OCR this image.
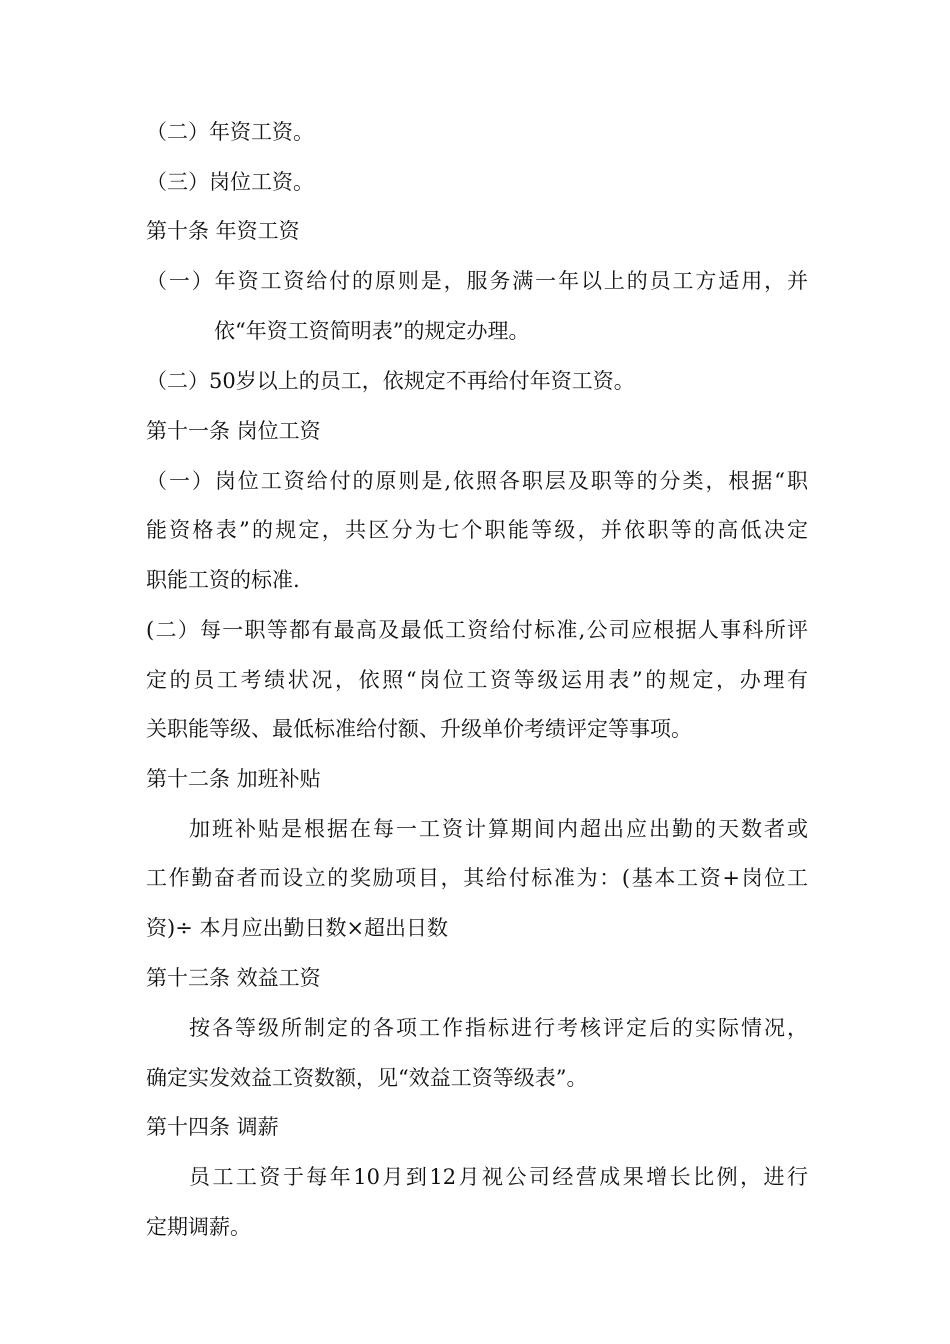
（二）年资工资。
（三）岗位工资。
第十条 年资工资
（一）年资工资给付的原则是，服务满一年以上的员工方适用，并
依“年资工资简明表”的规定办理。
（二）50岁以上的员工，依规定不再给付年资工资。
第十一条 岗位工资
（一）岗位工资给付的原则是,依照各职层及职等的分类，根据“职
能资格表”的规定，共区分为七个职能等级，并依职等的高低决定
职能工资的标准.
(二）每一职等都有最高及最低工资给付标准,公司应根据人事科所评
定的员工考绩状况，依照“岗位工资等级运用表”的规定，办理有
关职能等级、最低标准给付额、升级单价考绩评定等事项。
第十二条 加班补贴
加班补贴是根据在每一工资计算期间内超出应出勤的天数者或
工作勤奋者而设立的奖励项目，其给付标准为：(基本工资+岗位工
资)÷ 本月应出勤日数×超出日数
第十三条 效益工资
按各等级所制定的各项工作指标进行考核评定后的实际情况，
确定实发效益工资数额，见“效益工资等级表”。
第十四条 调薪
员工工资于每年10月到12月视公司经营成果增长比例，进行
定期调薪。
